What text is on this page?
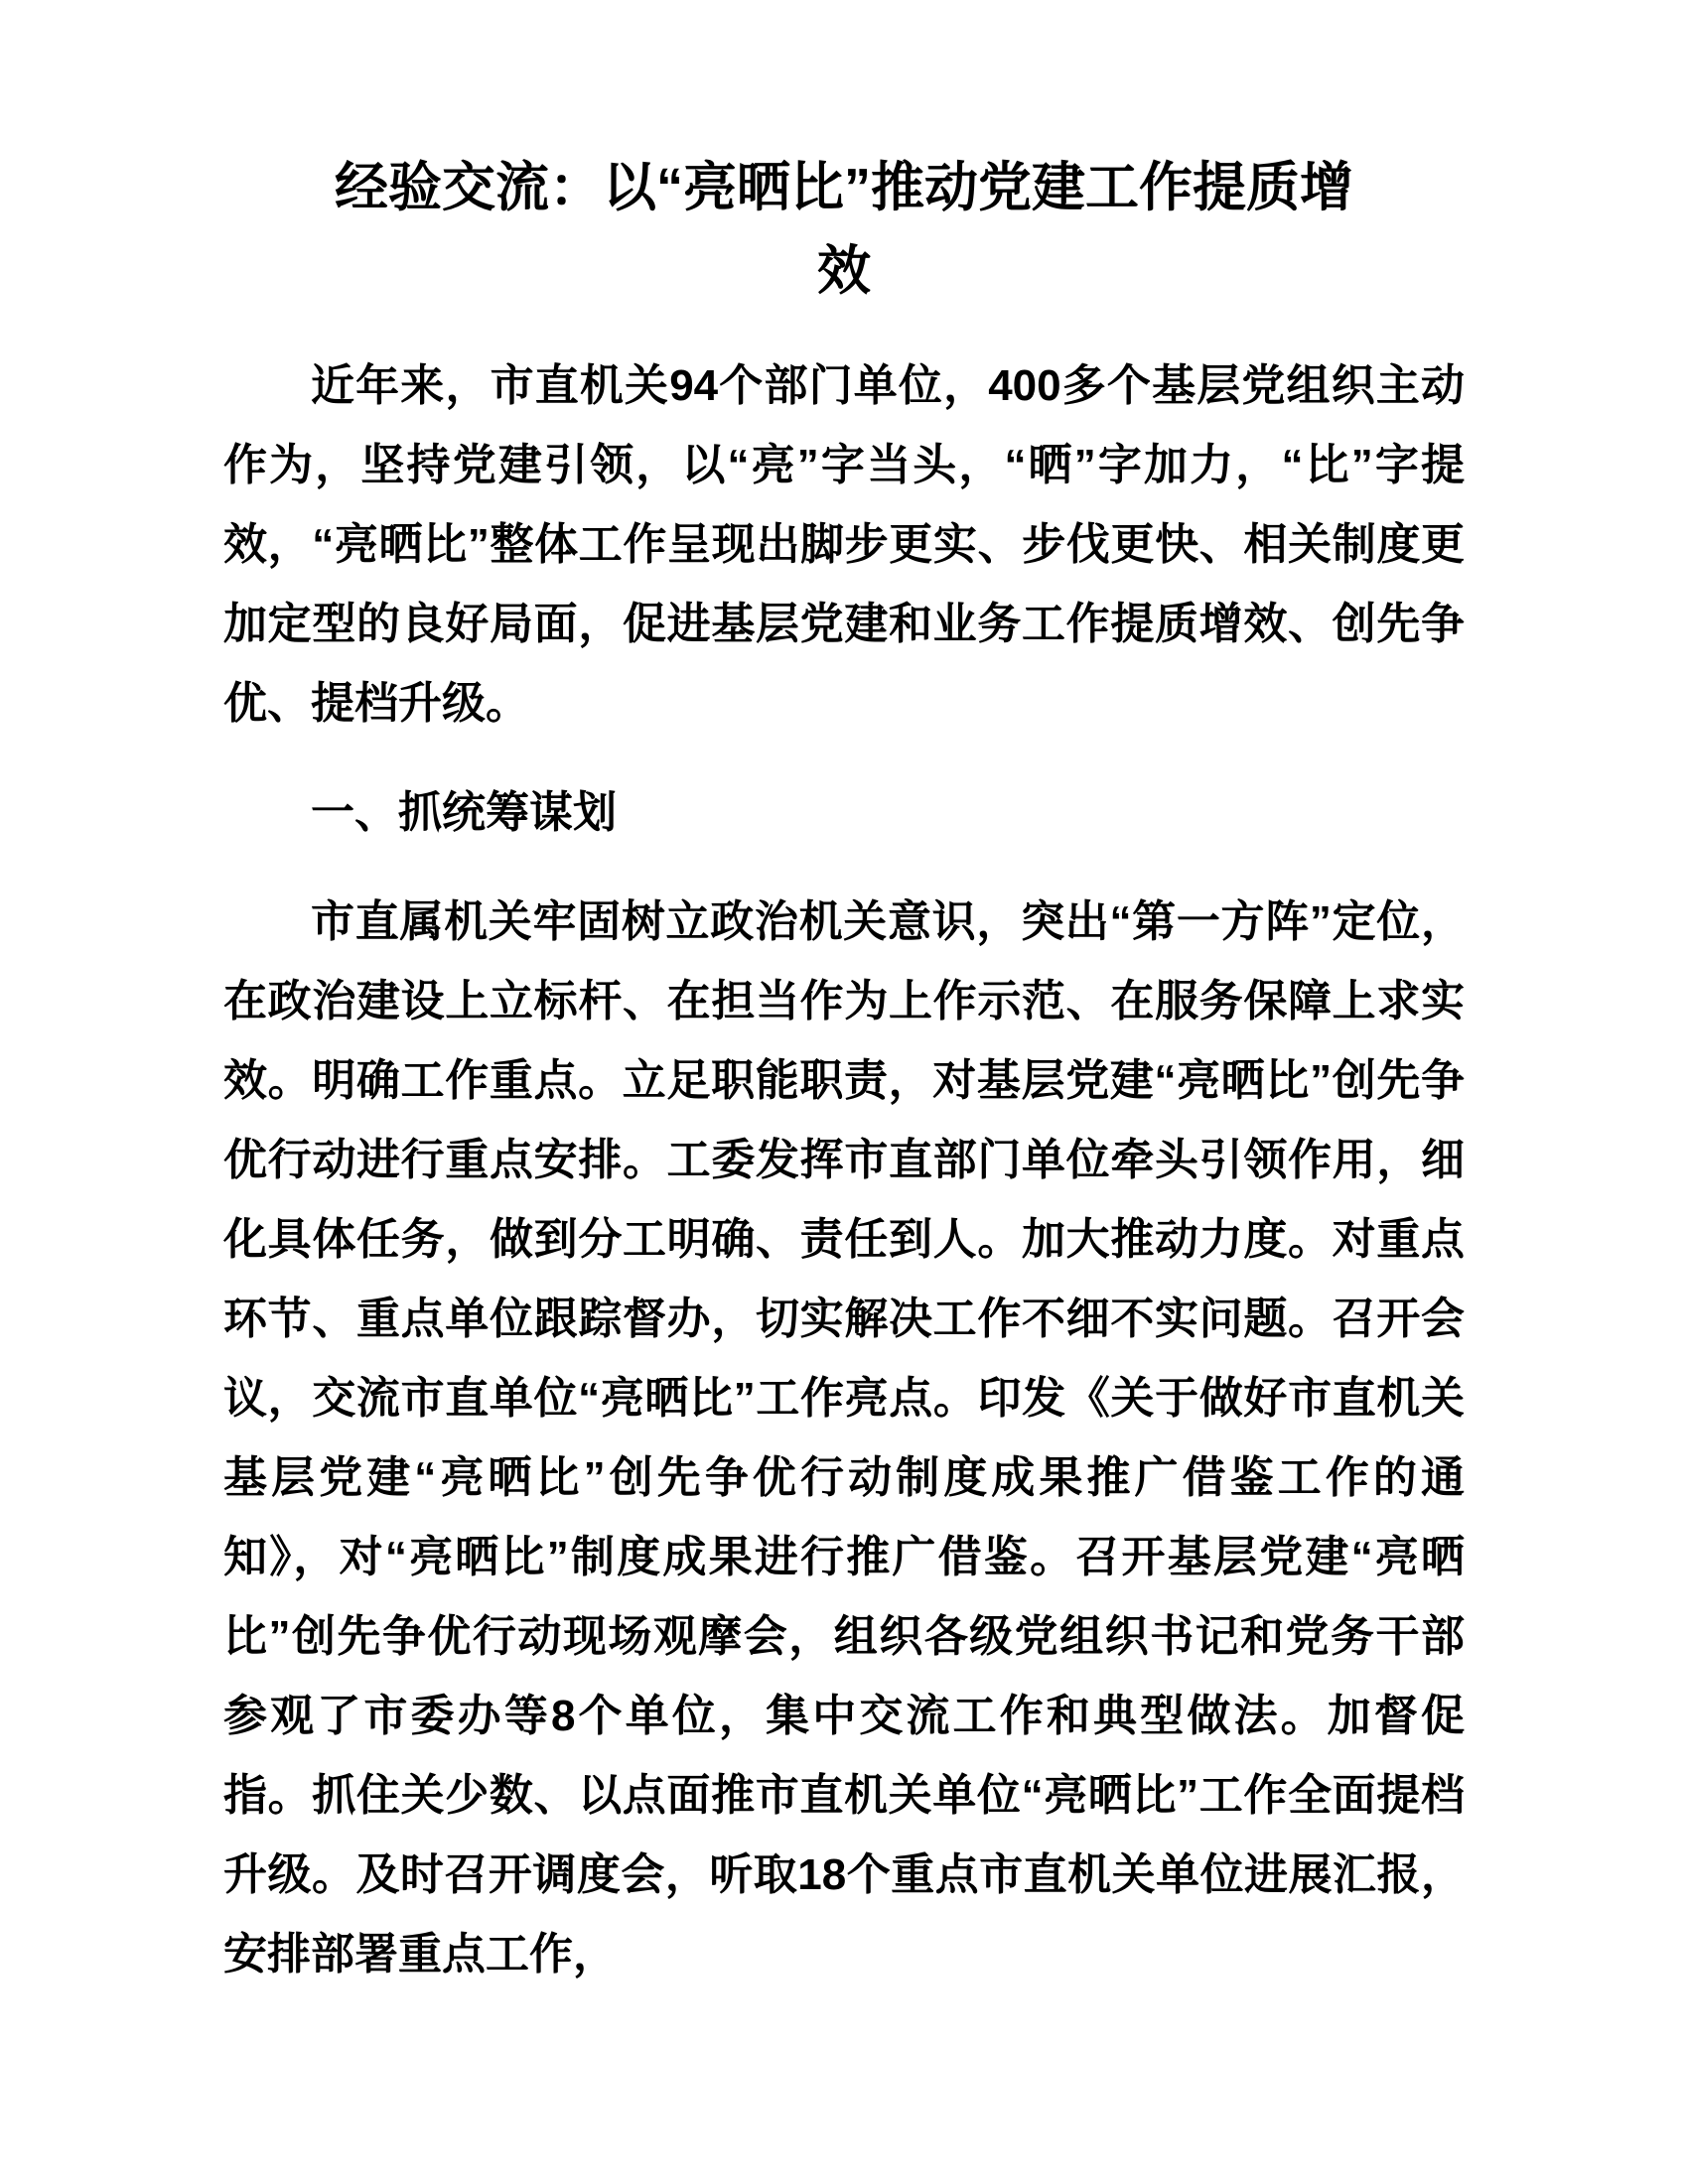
经验交流：以“亮晒比”推动党建工作提质增
效

近年来，市直机关94个部门单位，400多个基层党组织主动作为，坚持党建引领，以“亮”字当头，“晒”字加力，“比”字提效，“亮晒比”整体工作呈现出脚步更实、步伐更快、相关制度更加定型的良好局面，促进基层党建和业务工作提质增效、创先争优、提档升级。

一、抓统筹谋划

市直属机关牢固树立政治机关意识，突出“第一方阵”定位，在政治建设上立标杆、在担当作为上作示范、在服务保障上求实效。明确工作重点。立足职能职责，对基层党建“亮晒比”创先争优行动进行重点安排。工委发挥市直部门单位牵头引领作用，细化具体任务，做到分工明确、责任到人。加大推动力度。对重点环节、重点单位跟踪督办，切实解决工作不细不实问题。召开会议，交流市直单位“亮晒比”工作亮点。印发《关于做好市直机关基层党建“亮晒比”创先争优行动制度成果推广借鉴工作的通知》，对“亮晒比”制度成果进行推广借鉴。召开基层党建“亮晒比”创先争优行动现场观摩会，组织各级党组织书记和党务干部参观了市委办等8个单位，集中交流工作和典型做法。加督促指。抓住关少数、以点面推市直机关单位“亮晒比”工作全面提档升级。及时召开调度会，听取18个重点市直机关单位进展汇报，安排部署重点工作，
